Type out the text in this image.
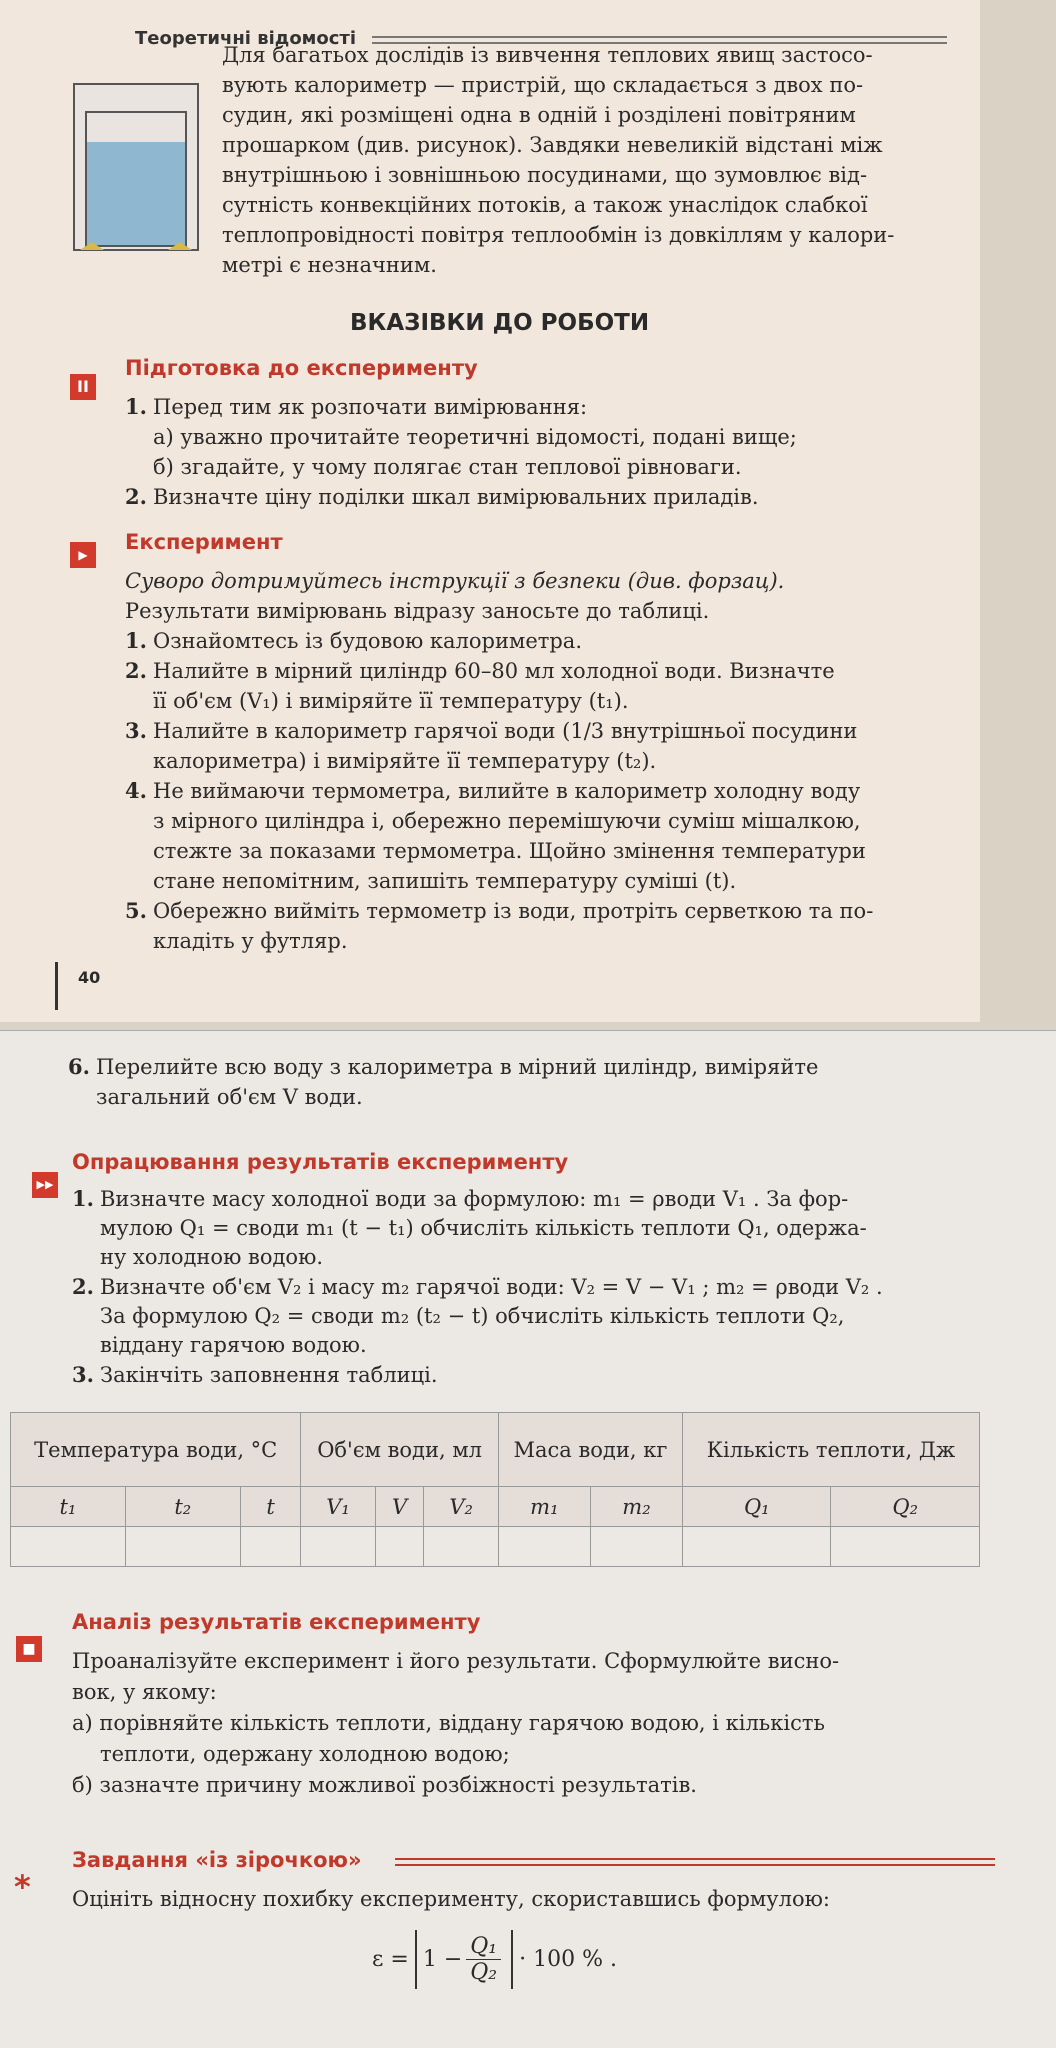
Теоретичні відомості
Для багатьох дослідів із вивчення теплових явищ застосо-
вують калориметр — пристрій, що складається з двох по-
судин, які розміщені одна в одній і розділені повітряним
прошарком (див. рисунок). Завдяки невеликій відстані між
внутрішньою і зовнішньою посудинами, що зумовлює від-
сутність конвекційних потоків, а також унаслідок слабкої
теплопровідності повітря теплообмін із довкіллям у калори-
метрі є незначним.
ВКАЗІВКИ ДО РОБОТИ
II
Підготовка до експерименту
1. Перед тим як розпочати вимірювання:
а) уважно прочитайте теоретичні відомості, подані вище;
б) згадайте, у чому полягає стан теплової рівноваги.
2. Визначте ціну поділки шкал вимірювальних приладів.
▶
Експеримент
Суворо дотримуйтесь інструкції з безпеки (див. форзац).
Результати вимірювань відразу заносьте до таблиці.
1. Ознайомтесь із будовою калориметра.
2. Налийте в мірний циліндр 60–80 мл холодної води. Визначте
її об'єм (V₁) і виміряйте її температуру (t₁).
3. Налийте в калориметр гарячої води (1/3 внутрішньої посудини
калориметра) і виміряйте її температуру (t₂).
4. Не виймаючи термометра, вилийте в калориметр холодну воду
з мірного циліндра і, обережно перемішуючи суміш мішалкою,
стежте за показами термометра. Щойно змінення температури
стане непомітним, запишіть температуру суміші (t).
5. Обережно вийміть термометр із води, протріть серветкою та по-
кладіть у футляр.
40
6. Перелийте всю воду з калориметра в мірний циліндр, виміряйте
загальний об'єм V води.
▶▶
Опрацювання результатів експерименту
1. Визначте масу холодної води за формулою: m₁ = ρводи V₁ . За фор-
мулою Q₁ = cводи m₁ (t − t₁) обчисліть кількість теплоти Q₁, одержа-
ну холодною водою.
2. Визначте об'єм V₂ і масу m₂ гарячої води: V₂ = V − V₁ ; m₂ = ρводи V₂ .
За формулою Q₂ = cводи m₂ (t₂ − t) обчисліть кількість теплоти Q₂,
віддану гарячою водою.
3. Закінчіть заповнення таблиці.
Температура води, °С			Об'єм води, мл			Маса води, кг		Кількість теплоти, Дж	
t₁	t₂	t	V₁	V	V₂	m₁	m₂	Q₁	Q₂

■
Аналіз результатів експерименту
Проаналізуйте експеримент і його результати. Сформулюйте висно-
вок, у якому:
а) порівняйте кількість теплоти, віддану гарячою водою, і кількість
теплоти, одержану холодною водою;
б) зазначте причину можливої розбіжності результатів.
*
Завдання «із зірочкою»
Оцініть відносну похибку експерименту, скориставшись формулою:
$\varepsilon = 1 - \frac{\text{Q₁}}{\text{Q₂}} \cdot 100$ % .
